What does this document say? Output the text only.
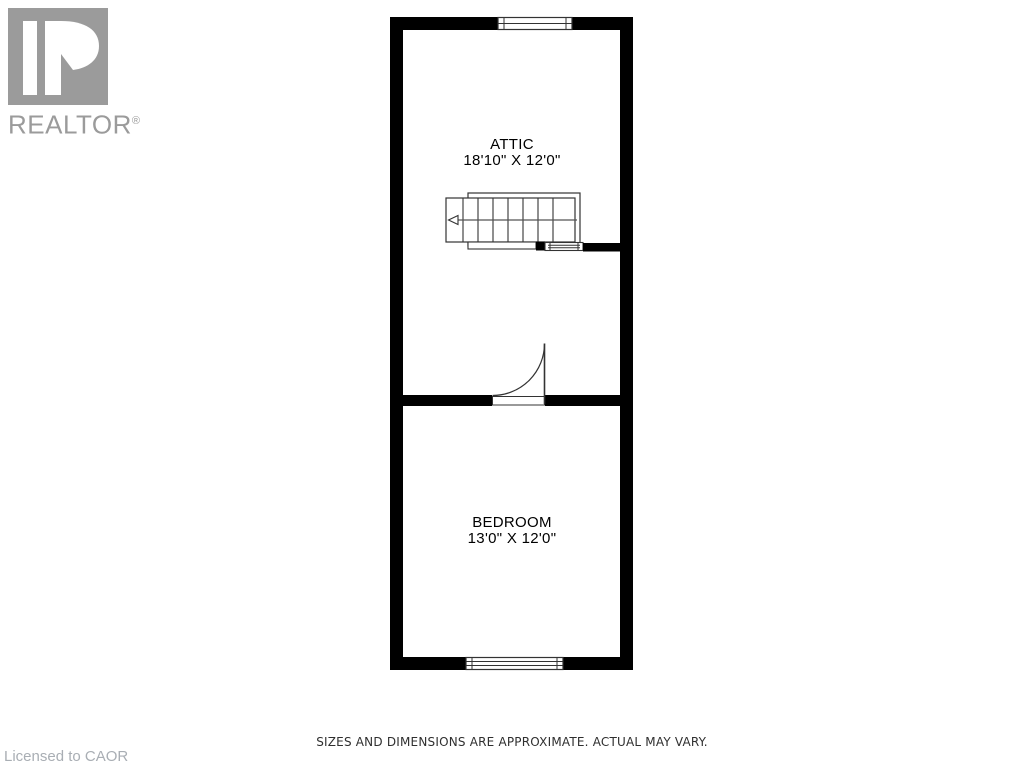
REALTOR®
ATTIC
18'10" X 12'0"
BEDROOM
13'0" X 12'0"
SIZES AND DIMENSIONS ARE APPROXIMATE. ACTUAL MAY VARY.
Licensed to CAOR
